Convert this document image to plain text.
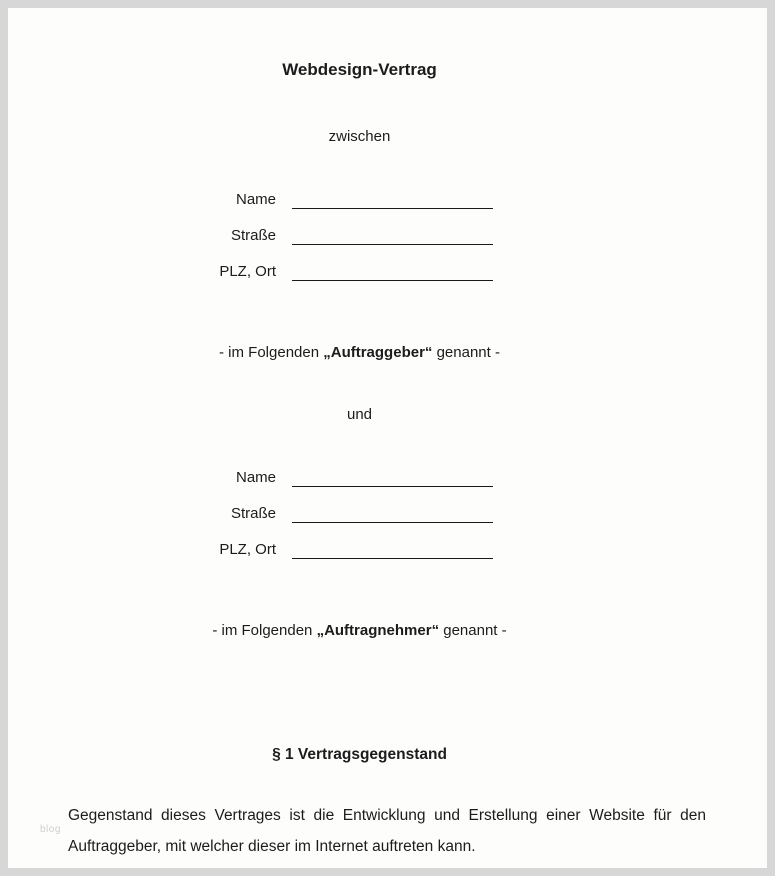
Webdesign-Vertrag
zwischen
Name
Straße
PLZ, Ort
- im Folgenden „Auftraggeber“ genannt -
und
Name
Straße
PLZ, Ort
- im Folgenden „Auftragnehmer“ genannt -
§ 1 Vertragsgegenstand

Gegenstand dieses Vertrages ist die Entwicklung und Erstellung einer Website für den Auftraggeber, mit welcher dieser im Internet auftreten kann.

blog
